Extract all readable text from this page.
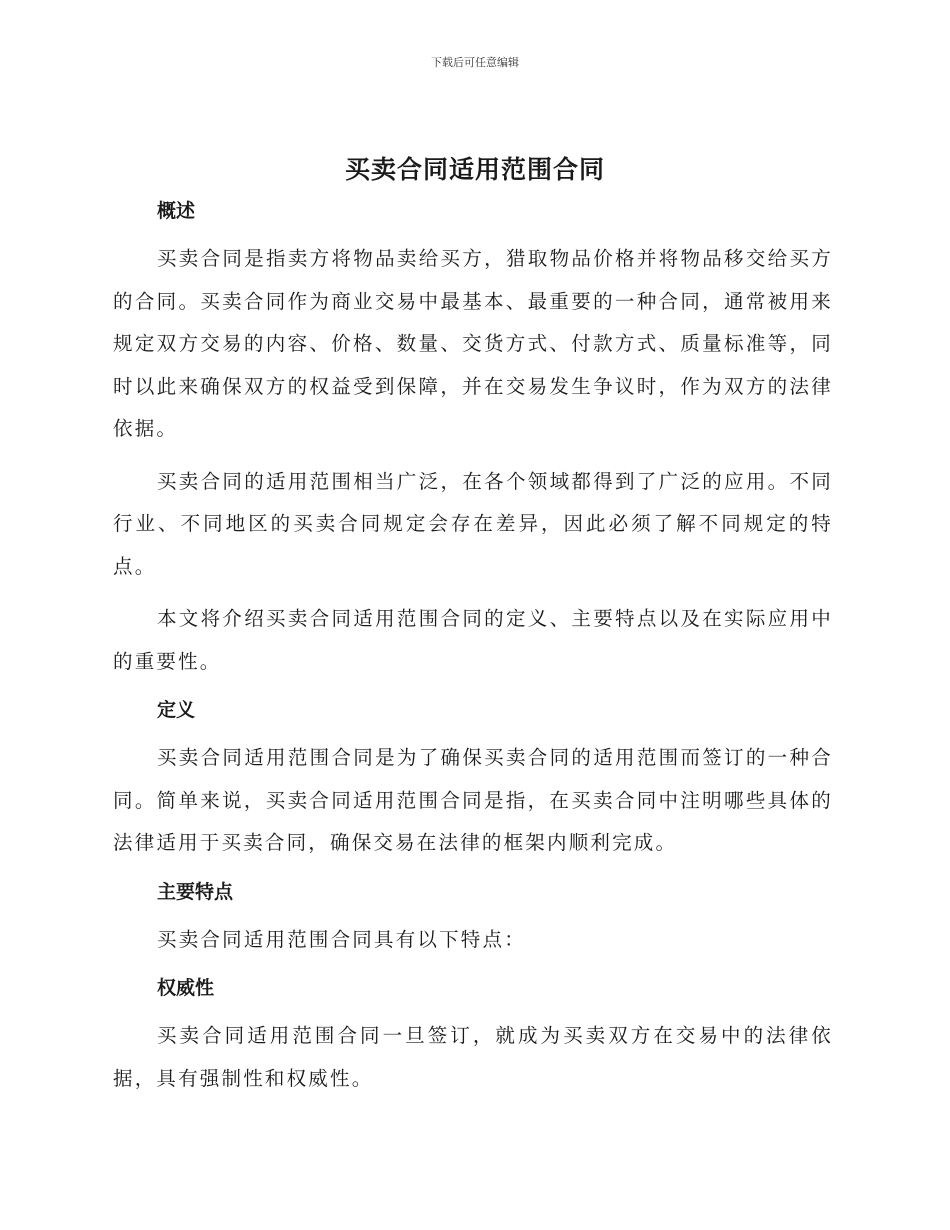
下载后可任意编辑
买卖合同适用范围合同
概述

买卖合同是指卖方将物品卖给买方，猎取物品价格并将物品移交给买方的合同。买卖合同作为商业交易中最基本、最重要的一种合同，通常被用来规定双方交易的内容、价格、数量、交货方式、付款方式、质量标准等，同时以此来确保双方的权益受到保障，并在交易发生争议时，作为双方的法律依据。

买卖合同的适用范围相当广泛，在各个领域都得到了广泛的应用。不同行业、不同地区的买卖合同规定会存在差异，因此必须了解不同规定的特点。

本文将介绍买卖合同适用范围合同的定义、主要特点以及在实际应用中的重要性。

定义

买卖合同适用范围合同是为了确保买卖合同的适用范围而签订的一种合同。简单来说，买卖合同适用范围合同是指，在买卖合同中注明哪些具体的法律适用于买卖合同，确保交易在法律的框架内顺利完成。

主要特点

买卖合同适用范围合同具有以下特点：

权威性

买卖合同适用范围合同一旦签订，就成为买卖双方在交易中的法律依据，具有强制性和权威性。
